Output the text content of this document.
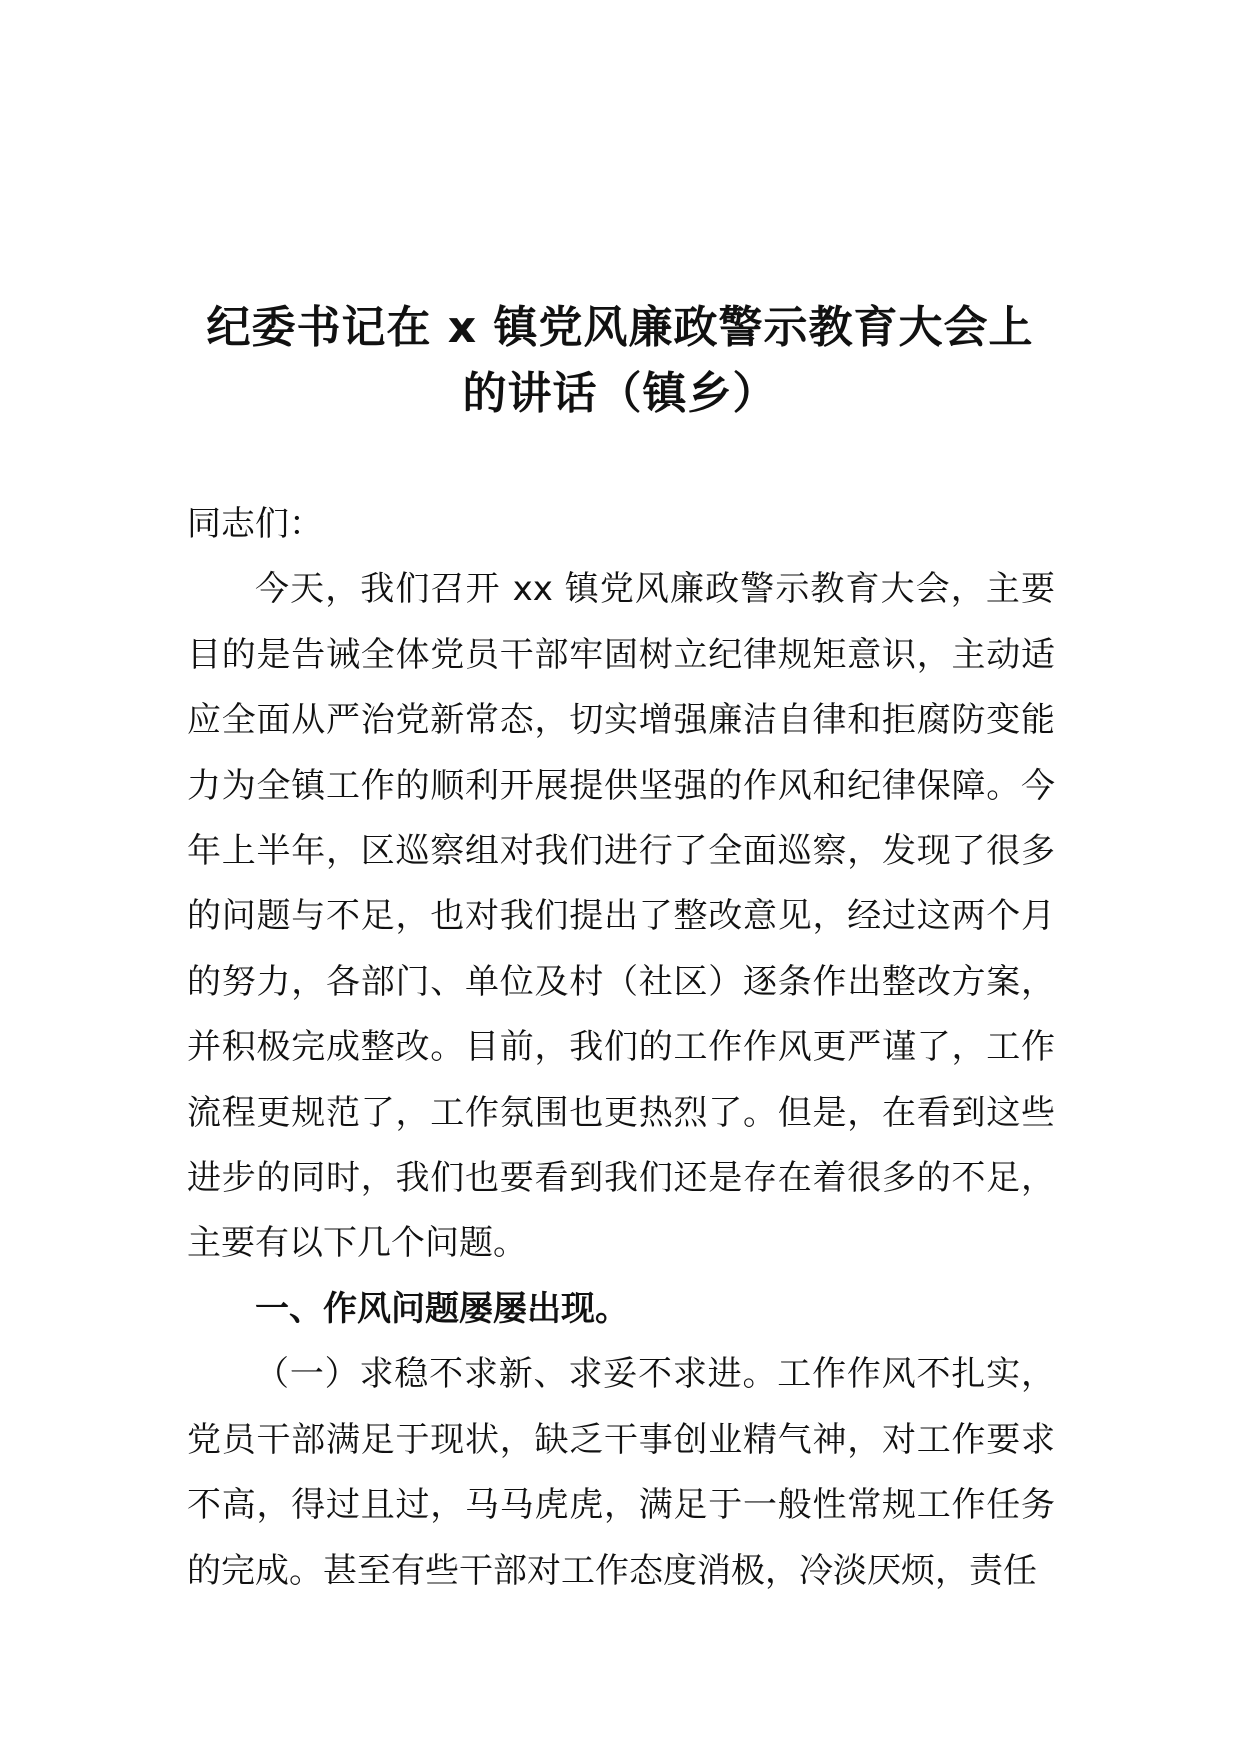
纪委书记在 x 镇党风廉政警示教育大会上
的讲话（镇乡）

同志们：

今天，我们召开 xx 镇党风廉政警示教育大会，主要目的是告诫全体党员干部牢固树立纪律规矩意识，主动适应全面从严治党新常态，切实增强廉洁自律和拒腐防变能力为全镇工作的顺利开展提供坚强的作风和纪律保障。今年上半年，区巡察组对我们进行了全面巡察，发现了很多的问题与不足，也对我们提出了整改意见，经过这两个月的努力，各部门、单位及村（社区）逐条作出整改方案，并积极完成整改。目前，我们的工作作风更严谨了，工作流程更规范了，工作氛围也更热烈了。但是，在看到这些进步的同时，我们也要看到我们还是存在着很多的不足，主要有以下几个问题。

一、作风问题屡屡出现。

（一）求稳不求新、求妥不求进。工作作风不扎实，党员干部满足于现状，缺乏干事创业精气神，对工作要求不高，得过且过，马马虎虎，满足于一般性常规工作任务的完成。甚至有些干部对工作态度消极，冷淡厌烦，责任
